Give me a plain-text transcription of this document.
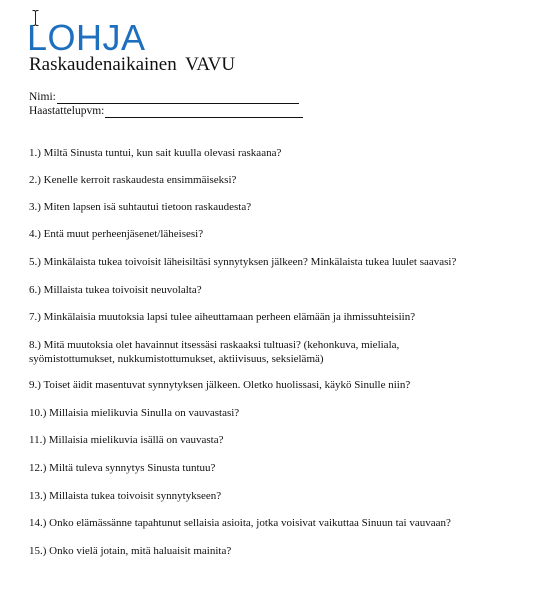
LOHJA
Raskaudenaikainen VAVU
Nimi:
Haastattelupvm:
1.) Miltä Sinusta tuntui, kun sait kuulla olevasi raskaana?
2.) Kenelle kerroit raskaudesta ensimmäiseksi?
3.) Miten lapsen isä suhtautui tietoon raskaudesta?
4.) Entä muut perheenjäsenet/läheisesi?
5.) Minkälaista tukea toivoisit läheisiltäsi synnytyksen jälkeen? Minkälaista tukea luulet saavasi?
6.) Millaista tukea toivoisit neuvolalta?
7.) Minkälaisia muutoksia lapsi tulee aiheuttamaan perheen elämään ja ihmissuhteisiin?
8.) Mitä muutoksia olet havainnut itsessäsi raskaaksi tultuasi? (kehonkuva, mieliala, syömistottumukset, nukkumistottumukset, aktiivisuus, seksielämä)
9.) Toiset äidit masentuvat synnytyksen jälkeen. Oletko huolissasi, käykö Sinulle niin?
10.) Millaisia mielikuvia Sinulla on vauvastasi?
11.) Millaisia mielikuvia isällä on vauvasta?
12.) Miltä tuleva synnytys Sinusta tuntuu?
13.) Millaista tukea toivoisit synnytykseen?
14.) Onko elämässänne tapahtunut sellaisia asioita, jotka voisivat vaikuttaa Sinuun tai vauvaan?
15.) Onko vielä jotain, mitä haluaisit mainita?
